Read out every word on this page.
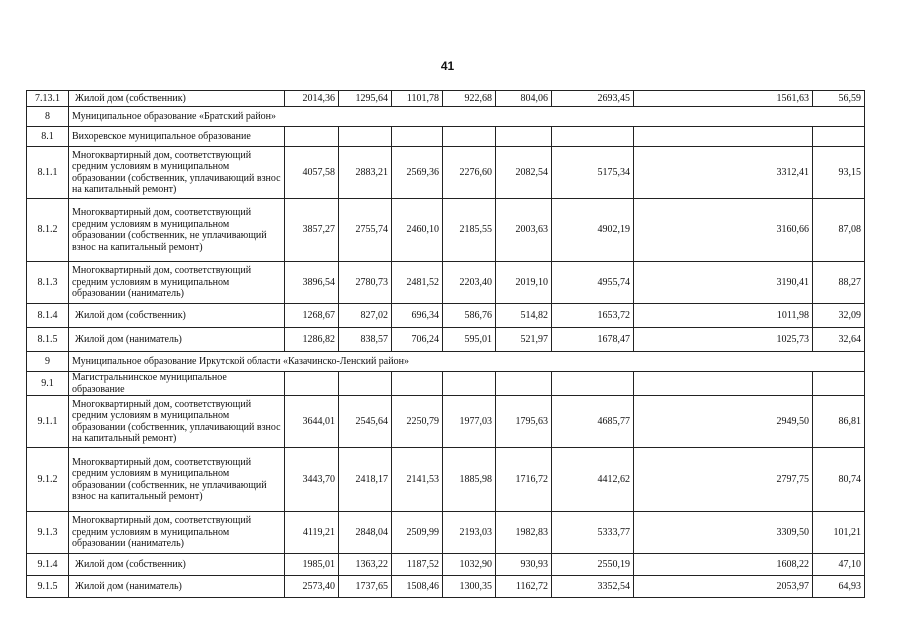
41
7.13.1	Жилой дом (собственник)	2014,36	1295,64	1101,78	922,68	804,06	2693,45	1561,63	56,59
8	Муниципальное образование «Братский район»								
8.1	Вихоревское муниципальное образование								
8.1.1	Многоквартирный дом, соответствующий средним условиям в муниципальном образовании (собственник, уплачивающий взнос на капитальный ремонт)	4057,58	2883,21	2569,36	2276,60	2082,54	5175,34	3312,41	93,15
8.1.2	Многоквартирный дом, соответствующий средним условиям в муниципальном образовании (собственник, не уплачивающий взнос на капитальный ремонт)	3857,27	2755,74	2460,10	2185,55	2003,63	4902,19	3160,66	87,08
8.1.3	Многоквартирный дом, соответствующий средним условиям в муниципальном образовании (наниматель)	3896,54	2780,73	2481,52	2203,40	2019,10	4955,74	3190,41	88,27
8.1.4	Жилой дом (собственник)	1268,67	827,02	696,34	586,76	514,82	1653,72	1011,98	32,09
8.1.5	Жилой дом (наниматель)	1286,82	838,57	706,24	595,01	521,97	1678,47	1025,73	32,64
9	Муниципальное образование Иркутской области «Казачинско-Ленский район»								
9.1	Магистральнинское муниципальное образование								
9.1.1	Многоквартирный дом, соответствующий средним условиям в муниципальном образовании (собственник, уплачивающий взнос на капитальный ремонт)	3644,01	2545,64	2250,79	1977,03	1795,63	4685,77	2949,50	86,81
9.1.2	Многоквартирный дом, соответствующий средним условиям в муниципальном образовании (собственник, не уплачивающий взнос на капитальный ремонт)	3443,70	2418,17	2141,53	1885,98	1716,72	4412,62	2797,75	80,74
9.1.3	Многоквартирный дом, соответствующий средним условиям в муниципальном образовании (наниматель)	4119,21	2848,04	2509,99	2193,03	1982,83	5333,77	3309,50	101,21
9.1.4	Жилой дом (собственник)	1985,01	1363,22	1187,52	1032,90	930,93	2550,19	1608,22	47,10
9.1.5	Жилой дом (наниматель)	2573,40	1737,65	1508,46	1300,35	1162,72	3352,54	2053,97	64,93
